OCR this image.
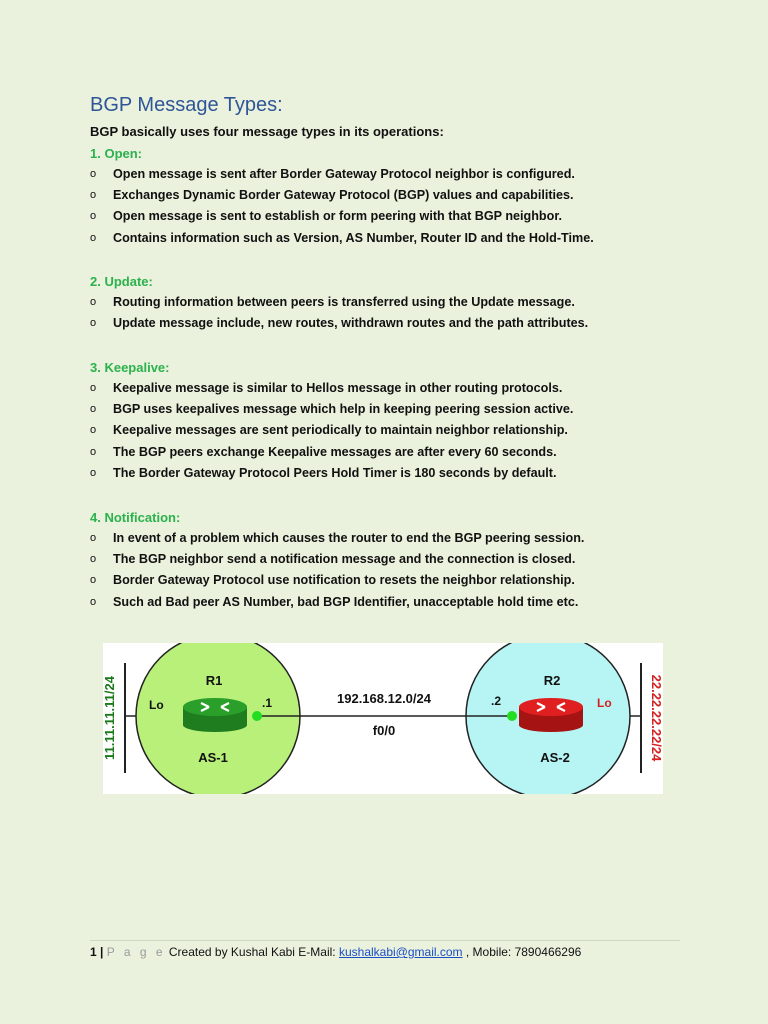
BGP Message Types:
BGP basically uses four message types in its operations:
1. Open:
o Open message is sent after Border Gateway Protocol neighbor is configured.
o Exchanges Dynamic Border Gateway Protocol (BGP) values and capabilities.
o Open message is sent to establish or form peering with that BGP neighbor.
o Contains information such as Version, AS Number, Router ID and the Hold-Time.
2. Update:
o Routing information between peers is transferred using the Update message.
o Update message include, new routes, withdrawn routes and the path attributes.
3. Keepalive:
o Keepalive message is similar to Hellos message in other routing protocols.
o BGP uses keepalives message which help in keeping peering session active.
o Keepalive messages are sent periodically to maintain neighbor relationship.
o The BGP peers exchange Keepalive messages are after every 60 seconds.
o The Border Gateway Protocol Peers Hold Timer is 180 seconds by default.
4. Notification:
o In event of a problem which causes the router to end the BGP peering session.
o The BGP neighbor send a notification message and the connection is closed.
o Border Gateway Protocol use notification to resets the neighbor relationship.
o Such ad Bad peer AS Number, bad BGP Identifier, unacceptable hold time etc.
R1	R2
AS-1	AS-2
Lo	Lo
.1	.2
192.168.12.0/24
f0/0
11.11.11.11/24	22.22.22.22/24
1 | P a g e Created by Kushal Kabi E-Mail: kushalkabi@gmail.com , Mobile: 7890466296
